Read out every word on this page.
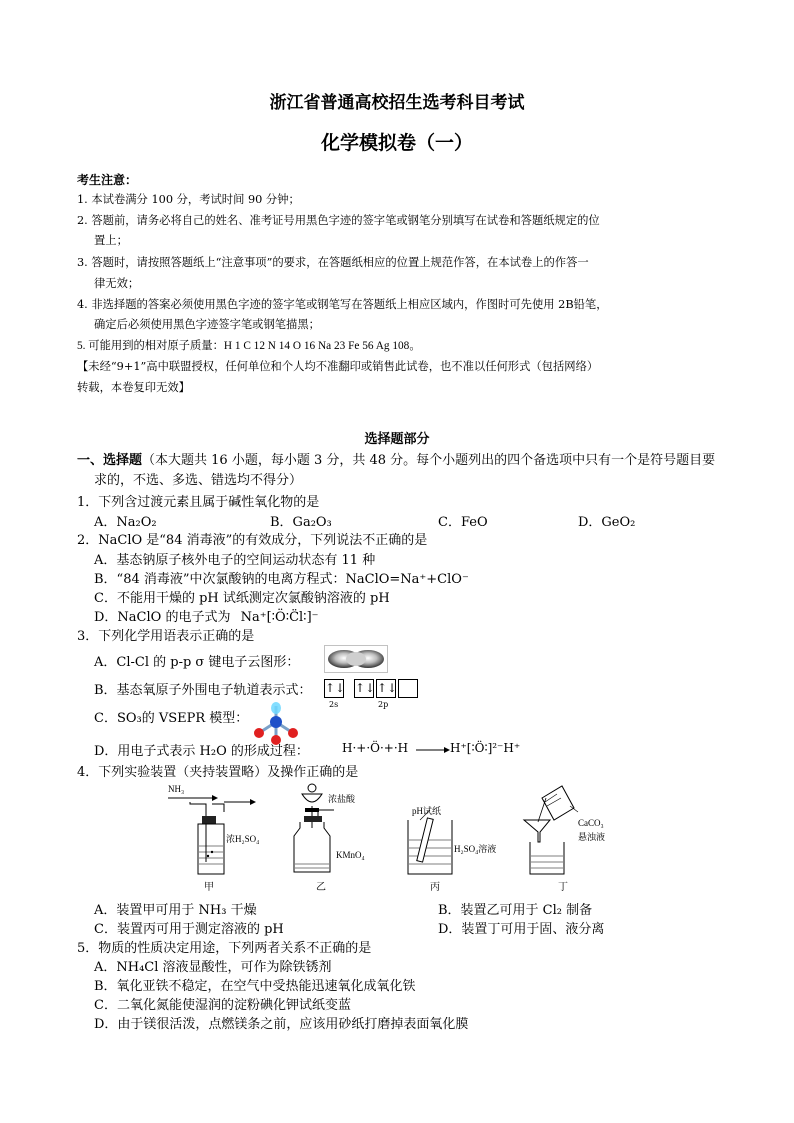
浙江省普通高校招生选考科目考试
化学模拟卷（一）
考生注意：
1. 本试卷满分 100 分，考试时间 90 分钟；
2. 答题前，请务必将自己的姓名、准考证号用黑色字迹的签字笔或钢笔分别填写在试卷和答题纸规定的位
置上；
3. 答题时，请按照答题纸上“注意事项”的要求，在答题纸相应的位置上规范作答，在本试卷上的作答一
律无效；
4. 非选择题的答案必须使用黑色字迹的签字笔或钢笔写在答题纸上相应区域内，作图时可先使用 2B铅笔，
确定后必须使用黑色字迹签字笔或钢笔描黑；
5. 可能用到的相对原子质量：H 1 C 12 N 14 O 16 Na 23 Fe 56 Ag 108。
【未经“9+1”高中联盟授权，任何单位和个人均不准翻印或销售此试卷，也不准以任何形式（包括网络）
转载，本卷复印无效】
选择题部分
一、选择题（本大题共 16 小题，每小题 3 分，共 48 分。每个小题列出的四个备选项中只有一个是符号题目要
求的，不选、多选、错选均不得分）
1．下列含过渡元素且属于碱性氧化物的是
A．Na₂O₂	B．Ga₂O₃	C．FeO	D．GeO₂
2．NaClO 是“84 消毒液”的有效成分，下列说法不正确的是
A．基态钠原子核外电子的空间运动状态有 11 种
B．“84 消毒液”中次氯酸钠的电离方程式：NaClO=Na⁺+ClO⁻
C．不能用干燥的 pH 试纸测定次氯酸钠溶液的 pH
D．NaClO 的电子式为 Na⁺[∶Ö∶C̈l∶]⁻
3．下列化学用语表示正确的是
A．Cl-Cl 的 p-p σ 键电子云图形：
B．基态氧原子外围电子轨道表示式： ↑↓ ↑↓ ↑↓
2s	2p
C．SO₃的 VSEPR 模型：
D．用电子式表示 H₂O 的形成过程：	H·+·Ö·+·H → H⁺[∶Ö∶]²⁻H⁺
4．下列实验装置（夹持装置略）及操作正确的是
NH₃
浓H₂SO₄
甲
浓盐酸
KMnO₄
乙
pH试纸
H₂SO₄溶液
丙
CaCO₃
悬浊液
丁
A．装置甲可用于 NH₃ 干燥	B．装置乙可用于 Cl₂ 制备
C．装置丙可用于测定溶液的 pH	D．装置丁可用于固、液分离
5．物质的性质决定用途，下列两者关系不正确的是
A．NH₄Cl 溶液显酸性，可作为除铁锈剂
B．氧化亚铁不稳定，在空气中受热能迅速氧化成氧化铁
C．二氧化氮能使湿润的淀粉碘化钾试纸变蓝
D．由于镁很活泼，点燃镁条之前，应该用砂纸打磨掉表面氧化膜
